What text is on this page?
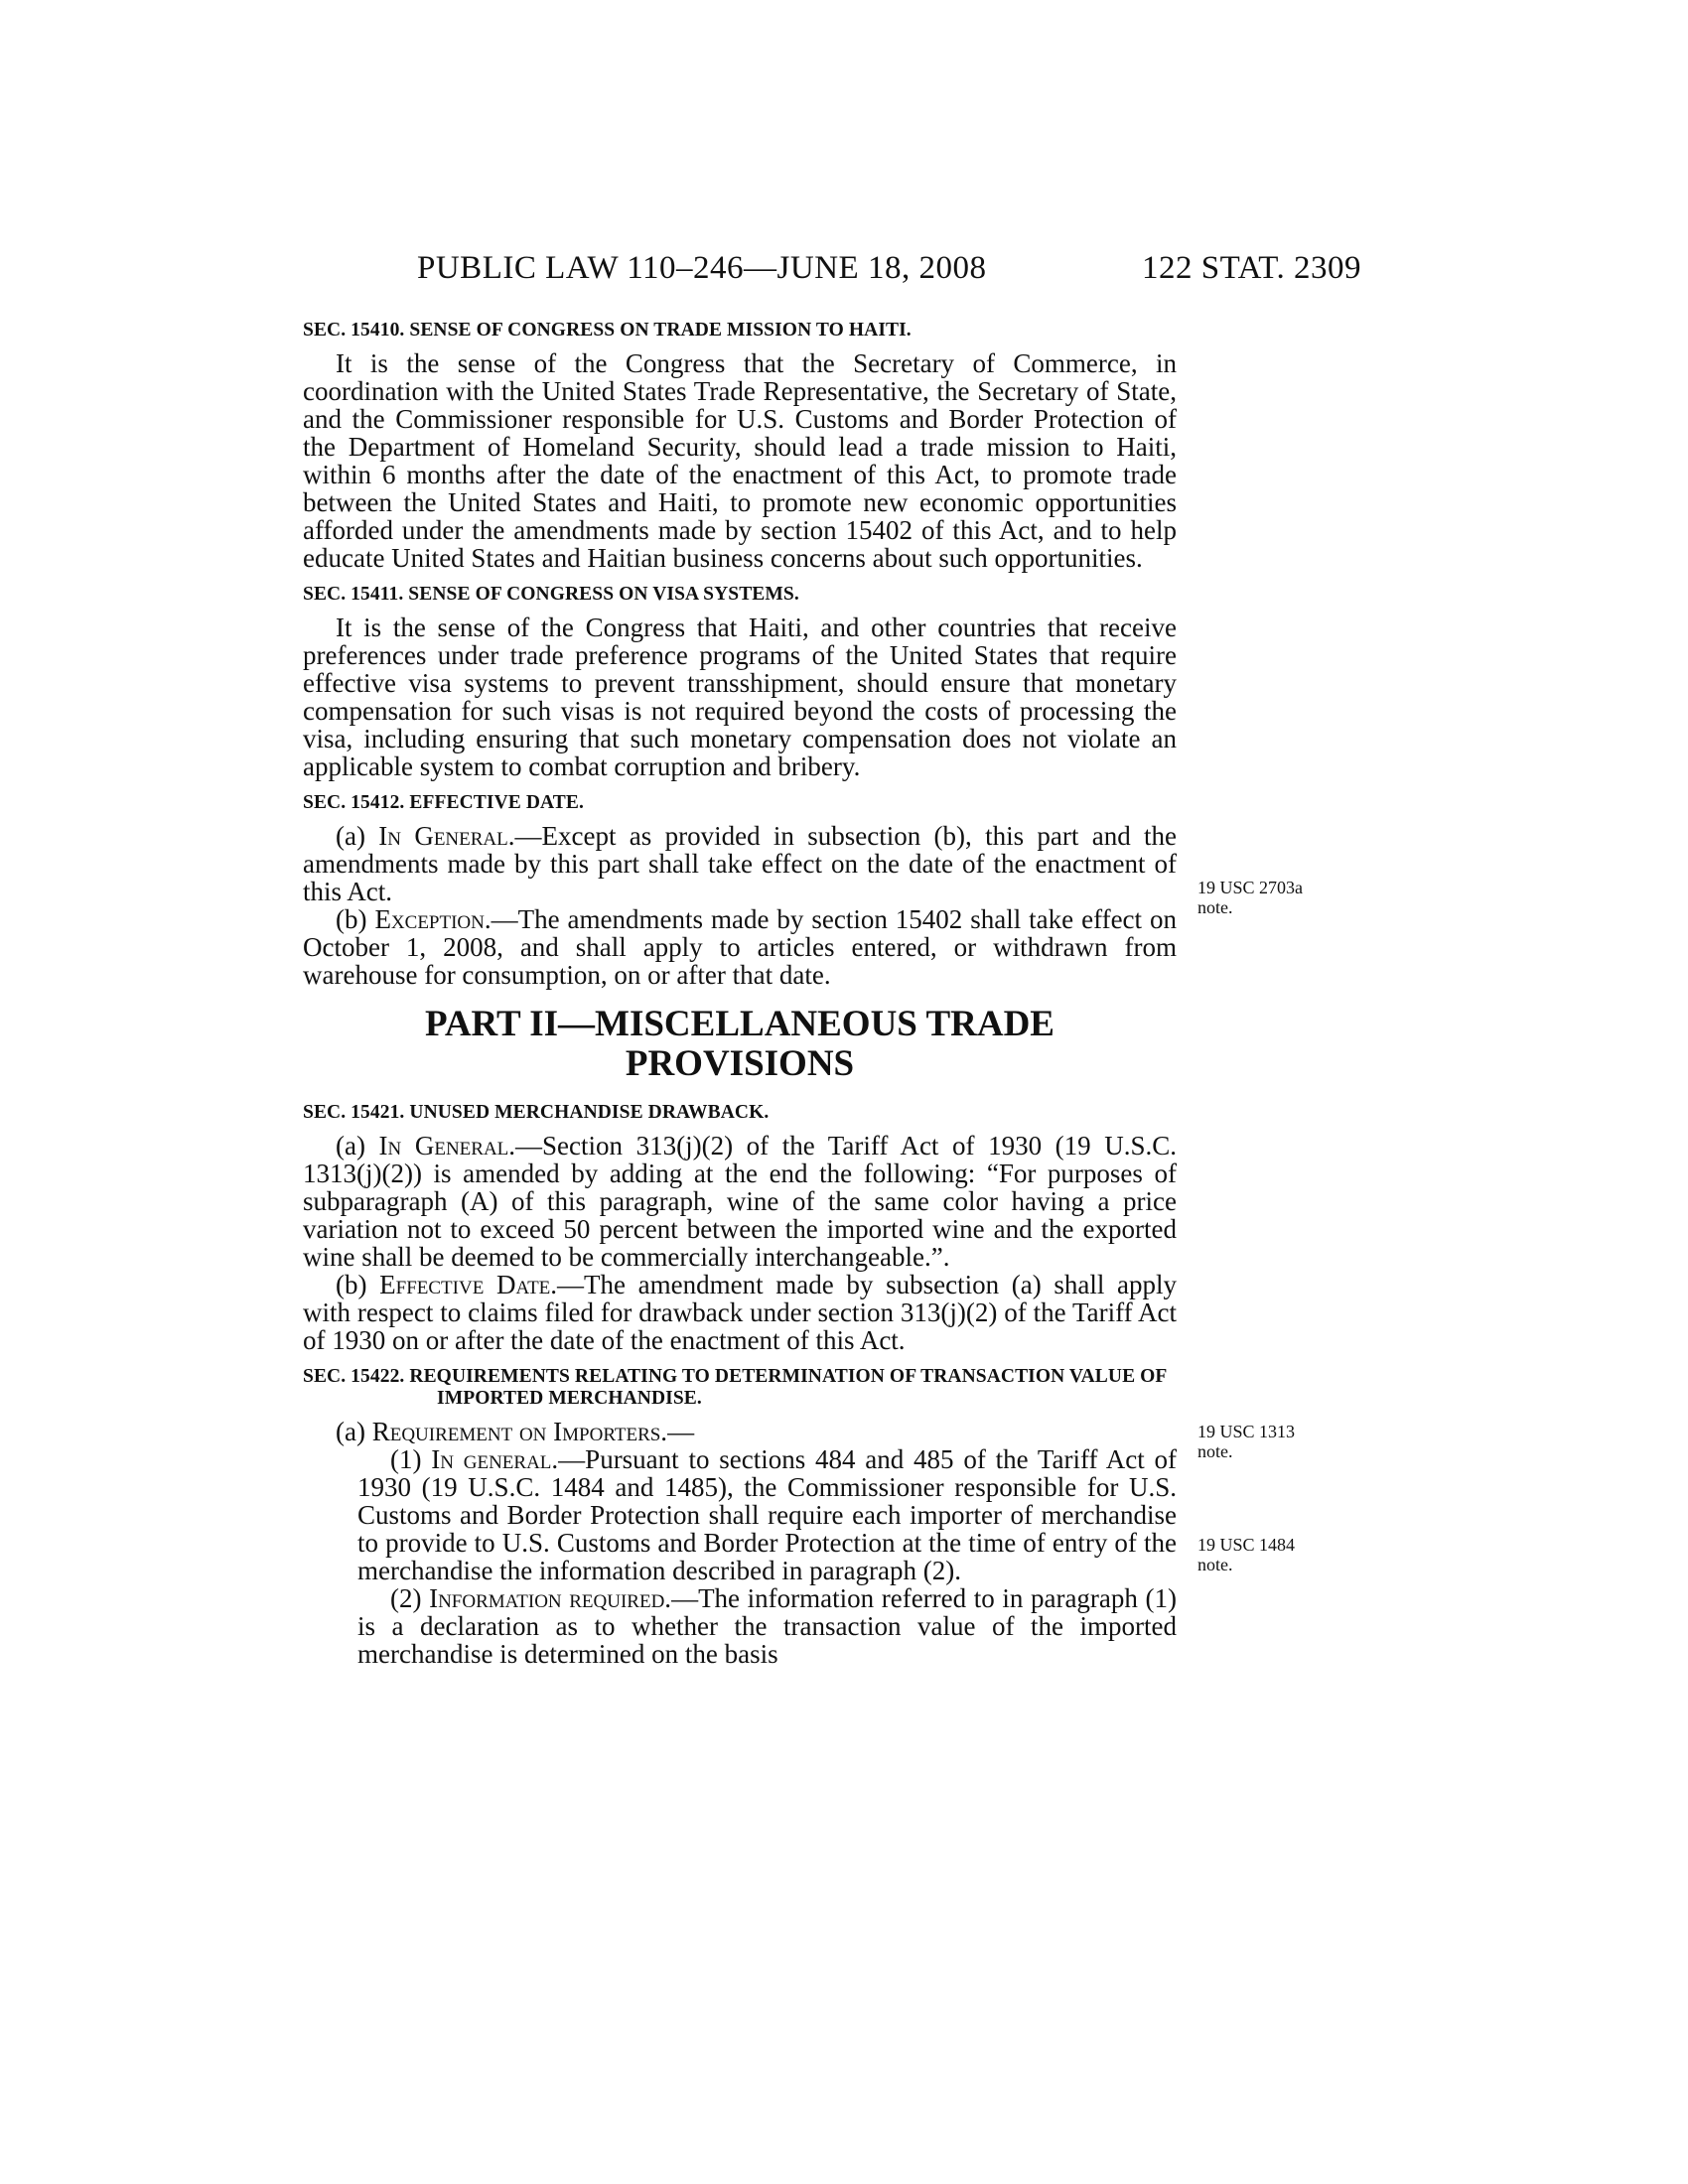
PUBLIC LAW 110–246—JUNE 18, 2008	122 STAT. 2309
SEC. 15410. SENSE OF CONGRESS ON TRADE MISSION TO HAITI.

It is the sense of the Congress that the Secretary of Commerce, in coordination with the United States Trade Representative, the Secretary of State, and the Commissioner responsible for U.S. Customs and Border Protection of the Department of Homeland Security, should lead a trade mission to Haiti, within 6 months after the date of the enactment of this Act, to promote trade between the United States and Haiti, to promote new economic opportunities afforded under the amendments made by section 15402 of this Act, and to help educate United States and Haitian business concerns about such opportunities.

SEC. 15411. SENSE OF CONGRESS ON VISA SYSTEMS.

It is the sense of the Congress that Haiti, and other countries that receive preferences under trade preference programs of the United States that require effective visa systems to prevent transshipment, should ensure that monetary compensation for such visas is not required beyond the costs of processing the visa, including ensuring that such monetary compensation does not violate an applicable system to combat corruption and bribery.

SEC. 15412. EFFECTIVE DATE.

(a) In General.—Except as provided in subsection (b), this part and the amendments made by this part shall take effect on the date of the enactment of this Act.

(b) Exception.—The amendments made by section 15402 shall take effect on October 1, 2008, and shall apply to articles entered, or withdrawn from warehouse for consumption, on or after that date.

PART II—MISCELLANEOUS TRADE
PROVISIONS
SEC. 15421. UNUSED MERCHANDISE DRAWBACK.

(a) In General.—Section 313(j)(2) of the Tariff Act of 1930 (19 U.S.C. 1313(j)(2)) is amended by adding at the end the following: “For purposes of subparagraph (A) of this paragraph, wine of the same color having a price variation not to exceed 50 percent between the imported wine and the exported wine shall be deemed to be commercially interchangeable.”.

(b) Effective Date.—The amendment made by subsection (a) shall apply with respect to claims filed for drawback under section 313(j)(2) of the Tariff Act of 1930 on or after the date of the enactment of this Act.

SEC. 15422. REQUIREMENTS RELATING TO DETERMINATION OF TRANSACTION VALUE OF IMPORTED MERCHANDISE.

(a) Requirement on Importers.—

(1) In general.—Pursuant to sections 484 and 485 of the Tariff Act of 1930 (19 U.S.C. 1484 and 1485), the Commissioner responsible for U.S. Customs and Border Protection shall require each importer of merchandise to provide to U.S. Customs and Border Protection at the time of entry of the merchandise the information described in paragraph (2).

(2) Information required.—The information referred to in paragraph (1) is a declaration as to whether the transaction value of the imported merchandise is determined on the basis

19 USC 2703a
note.
19 USC 1313
note.
19 USC 1484
note.
